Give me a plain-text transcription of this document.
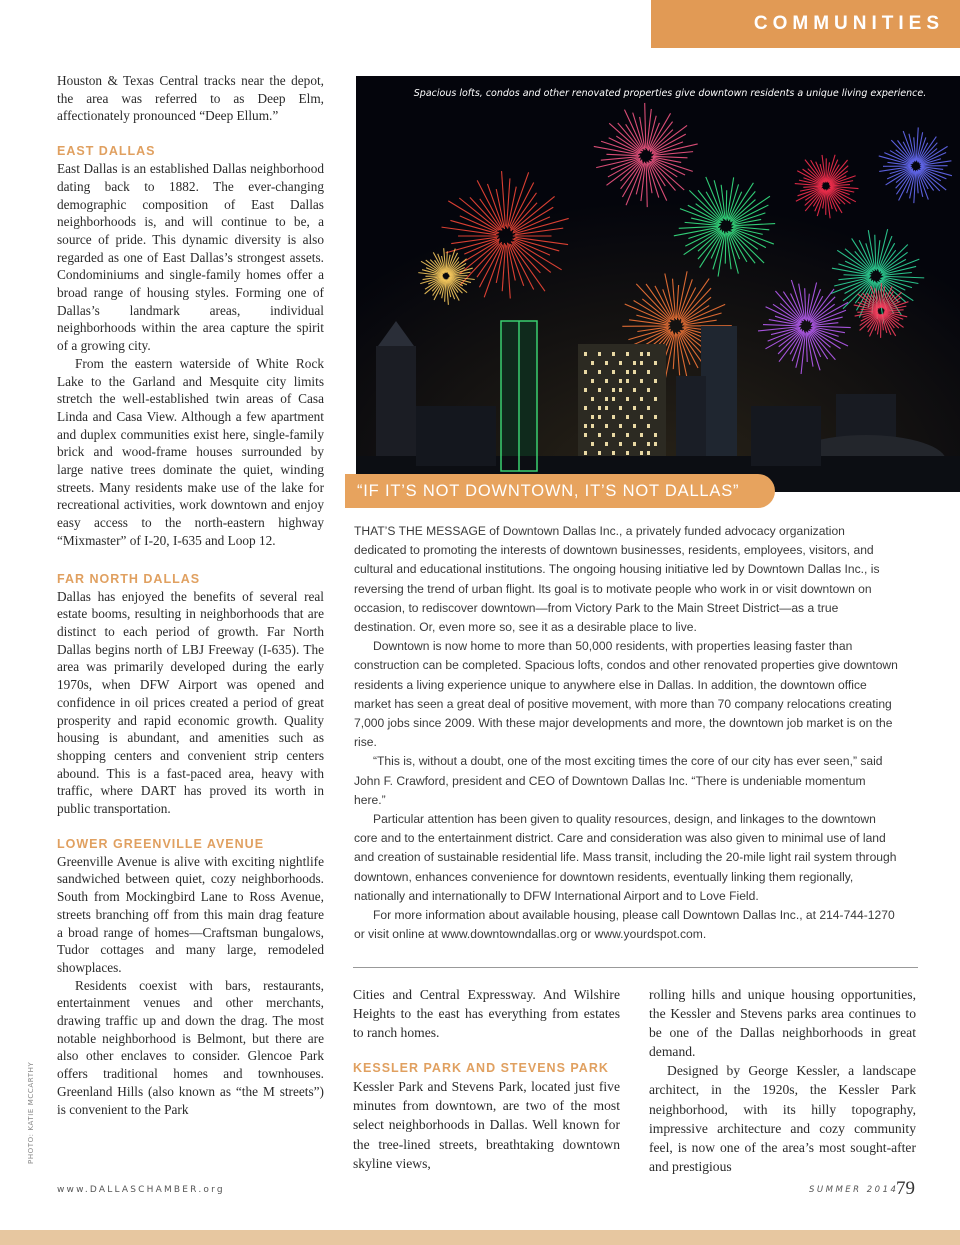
COMMUNITIES

Houston & Texas Central tracks near the depot, the area was referred to as Deep Elm, affectionately pronounced “Deep Ellum.”

EAST DALLAS

East Dallas is an established Dallas neighborhood dating back to 1882. The ever-changing demographic composition of East Dallas neighborhoods is, and will continue to be, a source of pride. This dynamic diversity is also regarded as one of East Dallas’s strongest assets. Condominiums and single-family homes offer a broad range of housing styles. Forming one of Dallas’s landmark areas, individual neighborhoods within the area capture the spirit of a growing city.

From the eastern waterside of White Rock Lake to the Garland and Mesquite city limits stretch the well-established twin areas of Casa Linda and Casa View. Although a few apartment and duplex communities exist here, single-family brick and wood-frame houses surrounded by large native trees dominate the quiet, winding streets. Many residents make use of the lake for recreational activities, work downtown and enjoy easy access to the north-eastern highway “Mixmaster” of I-20, I-635 and Loop 12.

FAR NORTH DALLAS

Dallas has enjoyed the benefits of several real estate booms, resulting in neighborhoods that are distinct to each period of growth. Far North Dallas begins north of LBJ Freeway (I-635). The area was primarily developed during the early 1970s, when DFW Airport was opened and confidence in oil prices created a period of great prosperity and rapid economic growth. Quality housing is abundant, and amenities such as shopping centers and convenient strip centers abound. This is a fast-paced area, heavy with traffic, where DART has proved its worth in public transportation.

LOWER GREENVILLE AVENUE

Greenville Avenue is alive with exciting nightlife sandwiched between quiet, cozy neighborhoods. South from Mockingbird Lane to Ross Avenue, streets branching off from this main drag feature a broad range of homes—Craftsman bungalows, Tudor cottages and many large, remodeled showplaces.

Residents coexist with bars, restaurants, entertainment venues and other merchants, drawing traffic up and down the drag. The most notable neighborhood is Belmont, but there are also other enclaves to consider. Glencoe Park offers traditional homes and townhouses. Greenland Hills (also known as “the M streets”) is convenient to the Park

Spacious lofts, condos and other renovated properties give downtown residents a unique living experience.
“IF IT’S NOT DOWNTOWN, IT’S NOT DALLAS”

THAT’S THE MESSAGE of Downtown Dallas Inc., a privately funded advocacy organization dedicated to promoting the interests of downtown businesses, residents, employees, visitors, and cultural and educational institutions. The ongoing housing initiative led by Downtown Dallas Inc., is reversing the trend of urban flight. Its goal is to motivate people who work in or visit downtown on occasion, to rediscover downtown—from Victory Park to the Main Street District—as a true destination. Or, even more so, see it as a desirable place to live.

Downtown is now home to more than 50,000 residents, with properties leasing faster than construction can be completed. Spacious lofts, condos and other renovated properties give downtown residents a living experience unique to anywhere else in Dallas. In addition, the downtown office market has seen a great deal of positive movement, with more than 70 company relocations creating 7,000 jobs since 2009. With these major developments and more, the downtown job market is on the rise.

“This is, without a doubt, one of the most exciting times the core of our city has ever seen,” said John F. Crawford, president and CEO of Downtown Dallas Inc. “There is undeniable momentum here.”

Particular attention has been given to quality resources, design, and linkages to the downtown core and to the entertainment district. Care and consideration was also given to minimal use of land and creation of sustainable residential life. Mass transit, including the 20-mile light rail system through downtown, enhances convenience for downtown residents, eventually linking them regionally, nationally and internationally to DFW International Airport and to Love Field.

For more information about available housing, please call Downtown Dallas Inc., at 214-744-1270 or visit online at www.downtowndallas.org or www.yourdspot.com.

Cities and Central Expressway. And Wilshire Heights to the east has everything from estates to ranch homes.

KESSLER PARK AND STEVENS PARK

Kessler Park and Stevens Park, located just five minutes from downtown, are two of the most select neighborhoods in Dallas. Well known for the tree-lined streets, breathtaking downtown skyline views,

rolling hills and unique housing opportunities, the Kessler and Stevens parks area continues to be one of the Dallas neighborhoods in great demand.

Designed by George Kessler, a landscape architect, in the 1920s, the Kessler Park neighborhood, with its hilly topography, impressive architecture and cozy community feel, is now one of the area’s most sought-after and prestigious

PHOTO: KATIE MCCARTHY
www.DALLASCHAMBER.org	SUMMER 2014
79
